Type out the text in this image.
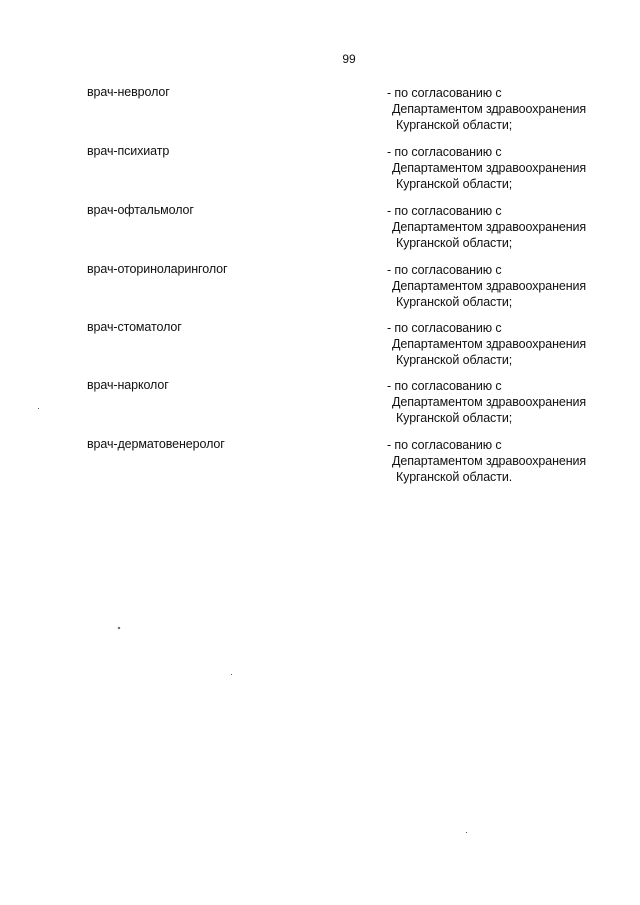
99
врач-невролог	- по согласованию с
Департаментом здравоохранения
Курганской области;
врач-психиатр	- по согласованию с
Департаментом здравоохранения
Курганской области;
врач-офтальмолог	- по согласованию с
Департаментом здравоохранения
Курганской области;
врач-оториноларинголог	- по согласованию с
Департаментом здравоохранения
Курганской области;
врач-стоматолог	- по согласованию с
Департаментом здравоохранения
Курганской области;
врач-нарколог	- по согласованию с
Департаментом здравоохранения
Курганской области;
врач-дерматовенеролог	- по согласованию с
Департаментом здравоохранения
Курганской области.
